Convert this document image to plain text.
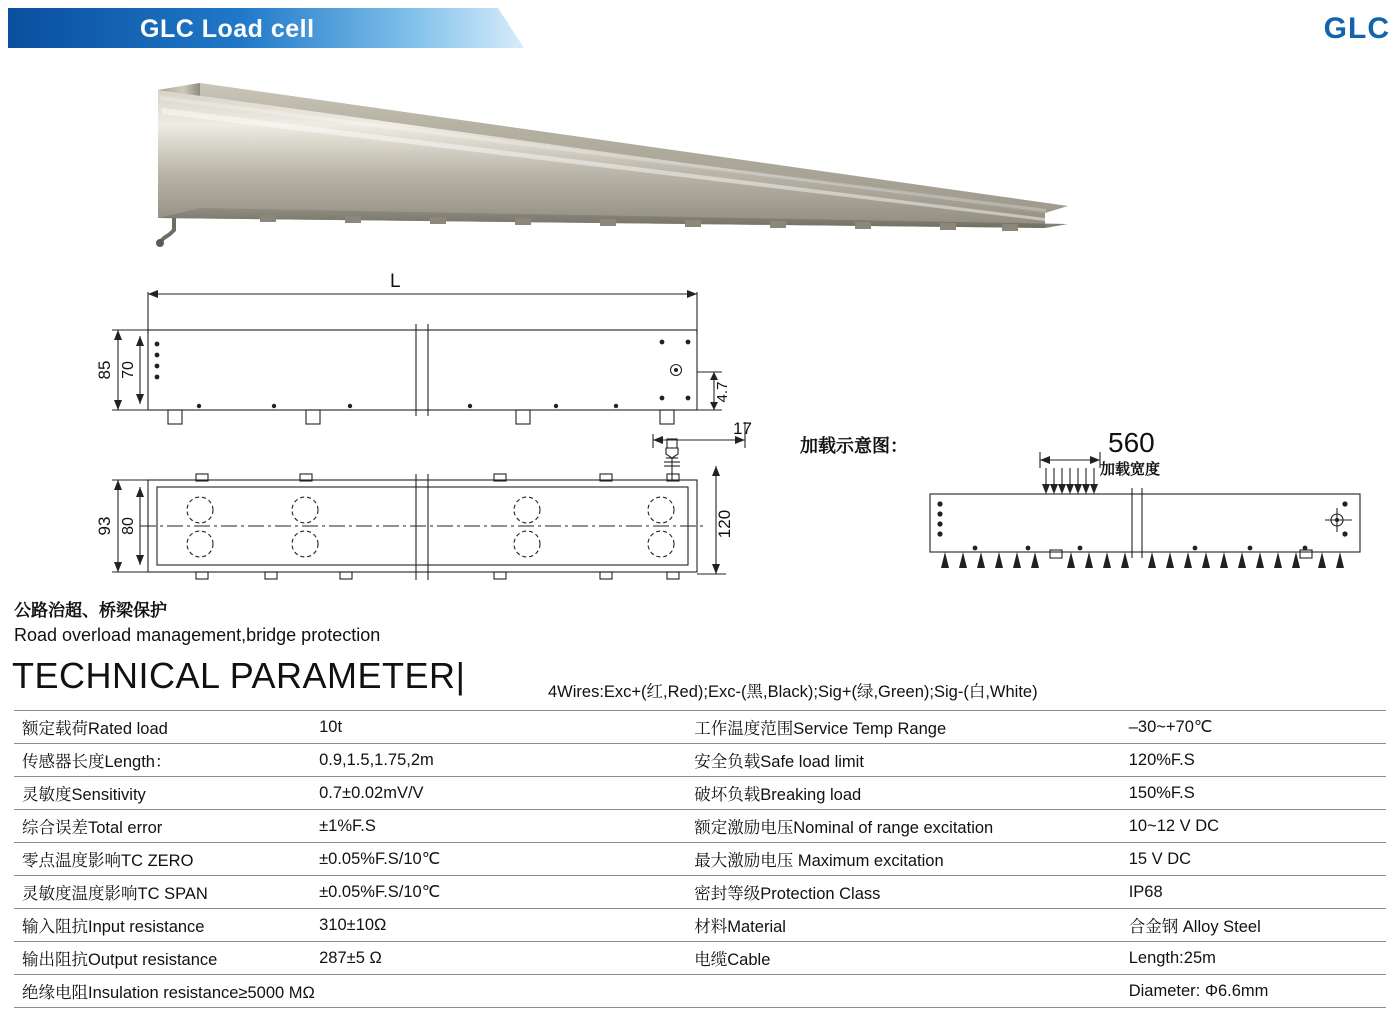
GLC Load cell	GLC
L
85 70
4.7
17
93 80	120
加载示意图：	560
加载宽度
公路治超、桥梁保护
Road overload management,bridge protection
TECHNICAL PARAMETER|	4Wires:Exc+(红,Red);Exc-(黑,Black);Sig+(绿,Green);Sig-(白,White)
额定载荷Rated load	10t	工作温度范围Service Temp Range	–30~+70℃
传感器长度Length：	0.9,1.5,1.75,2m	安全负载Safe load limit	120%F.S
灵敏度Sensitivity	0.7±0.02mV/V	破坏负载Breaking load	150%F.S
综合误差Total error	±1%F.S	额定激励电压Nominal of range excitation	10~12 V DC
零点温度影响TC ZERO	±0.05%F.S/10℃	最大激励电压 Maximum excitation	15 V DC
灵敏度温度影响TC SPAN	±0.05%F.S/10℃	密封等级Protection Class	IP68
输入阻抗Input resistance	310±10Ω	材料Material	合金钢 Alloy Steel
输出阻抗Output resistance	287±5 Ω	电缆Cable	Length:25m
绝缘电阻Insulation resistance≥5000 MΩ			Diameter: Φ6.6mm
